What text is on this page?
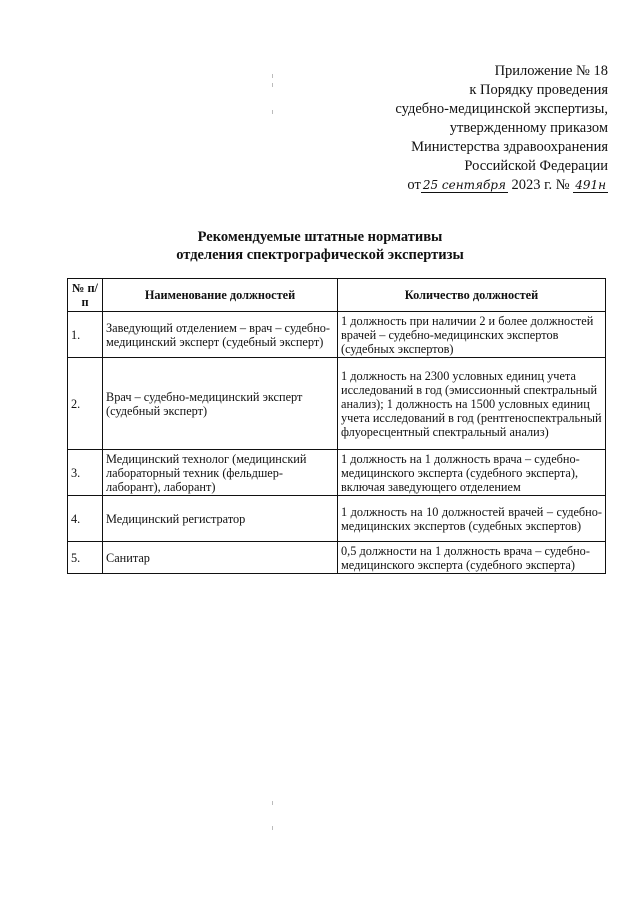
Приложение № 18
к Порядку проведения
судебно-медицинской экспертизы,
утвержденному приказом
Министерства здравоохранения
Российской Федерации
от 25 сентября 2023 г. № 491н
Рекомендуемые штатные нормативы
отделения спектрографической экспертизы
№ п/п	Наименование должностей	Количество должностей
1.	Заведующий отделением – врач – судебно-медицинский эксперт (судебный эксперт)	1 должность при наличии 2 и более должностей врачей – судебно-медицинских экспертов (судебных экспертов)
2.	Врач – судебно-медицинский эксперт (судебный эксперт)	1 должность на 2300 условных единиц учета исследований в год (эмиссионный спектральный анализ); 1 должность на 1500 условных единиц учета исследований в год (рентгеноспектральный флуоресцентный спектральный анализ)
3.	Медицинский технолог (медицинский лабораторный техник (фельдшер-лаборант), лаборант)	1 должность на 1 должность врача – судебно-медицинского эксперта (судебного эксперта), включая заведующего отделением
4.	Медицинский регистратор	1 должность на 10 должностей врачей – судебно-медицинских экспертов (судебных экспертов)
5.	Санитар	0,5 должности на 1 должность врача – судебно-медицинского эксперта (судебного эксперта)
